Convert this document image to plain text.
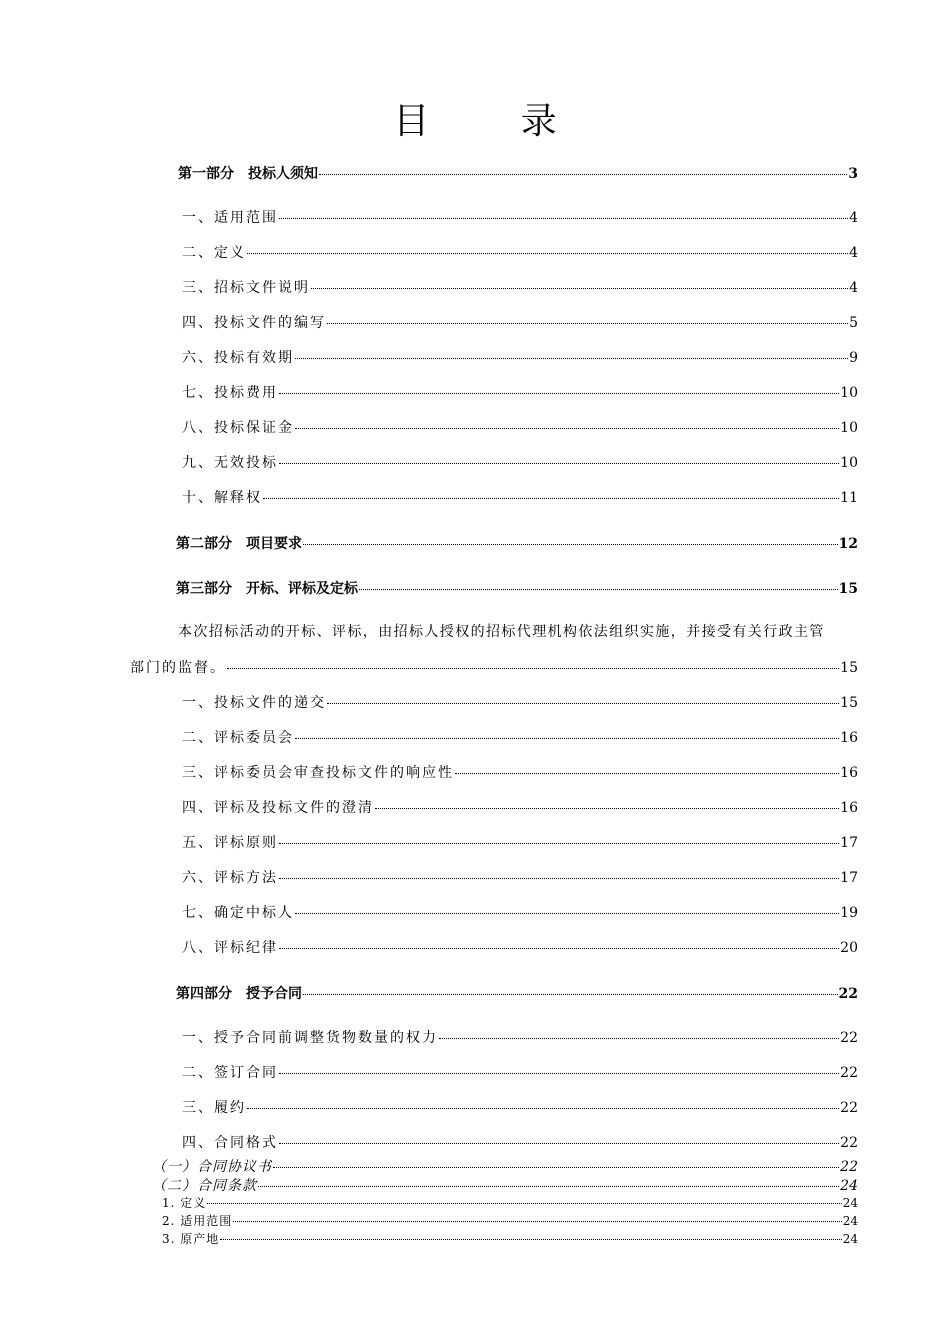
目 录
第一部分　投标人须知	3
一、适用范围	4
二、定义	4
三、招标文件说明	4
四、投标文件的编写	5
六、投标有效期	9
七、投标费用	10
八、投标保证金	10
九、无效投标	10
十、解释权	11
第二部分　项目要求	12
第三部分　开标、评标及定标	15
本次招标活动的开标、评标，由招标人授权的招标代理机构依法组织实施，并接受有关行政主管
部门的监督。	15
一、投标文件的递交	15
二、评标委员会	16
三、评标委员会审查投标文件的响应性	16
四、评标及投标文件的澄清	16
五、评标原则	17
六、评标方法	17
七、确定中标人	19
八、评标纪律	20
第四部分　授予合同	22
一、授予合同前调整货物数量的权力	22
二、签订合同	22
三、履约	22
四、合同格式	22
（一）合同协议书	22
（二）合同条款	24
1. 定义	24
2. 适用范围	24
3. 原产地	24
